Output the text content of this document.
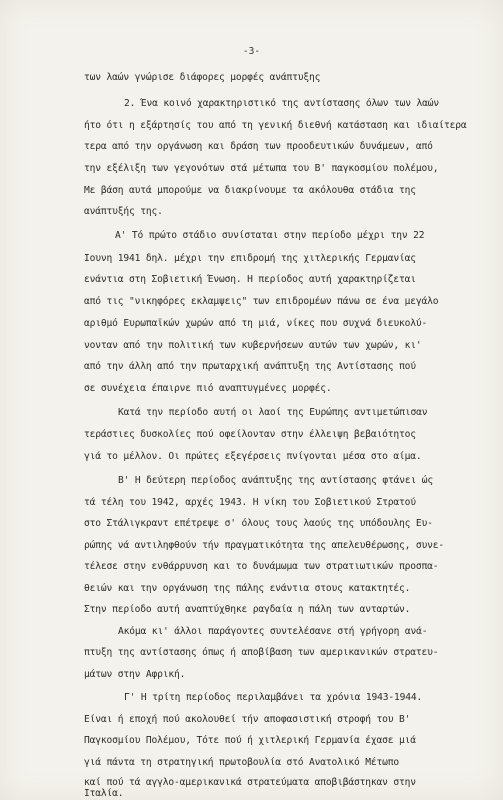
-3-
των λαών γνώρισε διάφορες μορφές ανάπτυξης
2. Ένα κοινό χαρακτηριστικό της αντίστασης όλων των λαών
ήτο ότι η εξάρτησίς του από τη γενική διεθνή κατάσταση και ιδιαίτερα
τερα από την οργάνωση και δράση των προοδευτικών δυνάμεων, από
την εξέλιξη των γεγονότων στά μέτωπα του Β' παγκοσμίου πολέμου,
Με βάση αυτά μπορούμε να διακρίνουμε τα ακόλουθα στάδια της
ανάπτυξής της.
Α' Τό πρώτο στάδιο συνίσταται στην περίοδο μέχρι την 22
Ιουνη 1941 δηλ. μέχρι την επιδρομή της χιτλερικής Γερμανίας
ενάντια στη Σοβιετική Ένωση. Η περίοδος αυτή χαρακτηρίζεται
από τις "νικηφόρες εκλαμψεις" των επιδρομέων πάνω σε ένα μεγάλο
αριθμό Ευρωπαϊκών χωρών από τη μιά, νίκες που συχνά διευκολύ-
νονταν από την πολιτική των κυβερνήσεων αυτών των χωρών, κι'
από την άλλη από την πρωταρχική ανάπτυξη της Αντίστασης πού
σε συνέχεια έπαιρνε πιό αναπτυγμένες μορφές.
Κατά την περίοδο αυτή οι λαοί της Ευρώπης αντιμετώπισαν
τεράστιες δυσκολίες πού οφείλονταν στην έλλειψη βεβαιότητος
γιά το μέλλον. Οι πρώτες εξεγέρσεις πνίγονται μέσα στο αίμα.
Β' Η δεύτερη περίοδος ανάπτυξης της αντίστασης φτάνει ώς
τά τέλη του 1942, αρχές 1943. Η νίκη του Σοβιετικού Στρατού
στο Στάλιγκραντ επέτρεψε σ' όλους τους λαούς της υπόδουλης Ευ-
ρώπης νά αντιληφθούν τήν πραγματικότητα της απελευθέρωσης, συνε-
τέλεσε στην ενθάρρυνση και το δυνάμωμα των στρατιωτικών προσπα-
θειών και την οργάνωση της πάλης ενάντια στους κατακτητές.
Στην περίοδο αυτή αναπτύχθηκε ραγδαία η πάλη των ανταρτών.
Ακόμα κι' άλλοι παράγοντες συντελέσανε στή γρήγορη ανά-
πτυξη της αντίστασης όπως ή αποβίβαση των αμερικανικών στρατευ-
μάτων στην Αφρική.
Γ' Η τρίτη περίοδος περιλαμβάνει τα χρόνια 1943-1944.
Είναι ή εποχή πού ακολουθεί τήν αποφασιστική στροφή του Β'
Παγκοσμίου Πολέμου, Τότε πού ή χιτλερική Γερμανία έχασε μιά
γιά πάντα τη στρατηγική πρωτοβουλία στό Ανατολικό Μέτωπο
καί πού τά αγγλο-αμερικανικά στρατεύματα αποβιβάστηκαν στην
Ιταλία.
